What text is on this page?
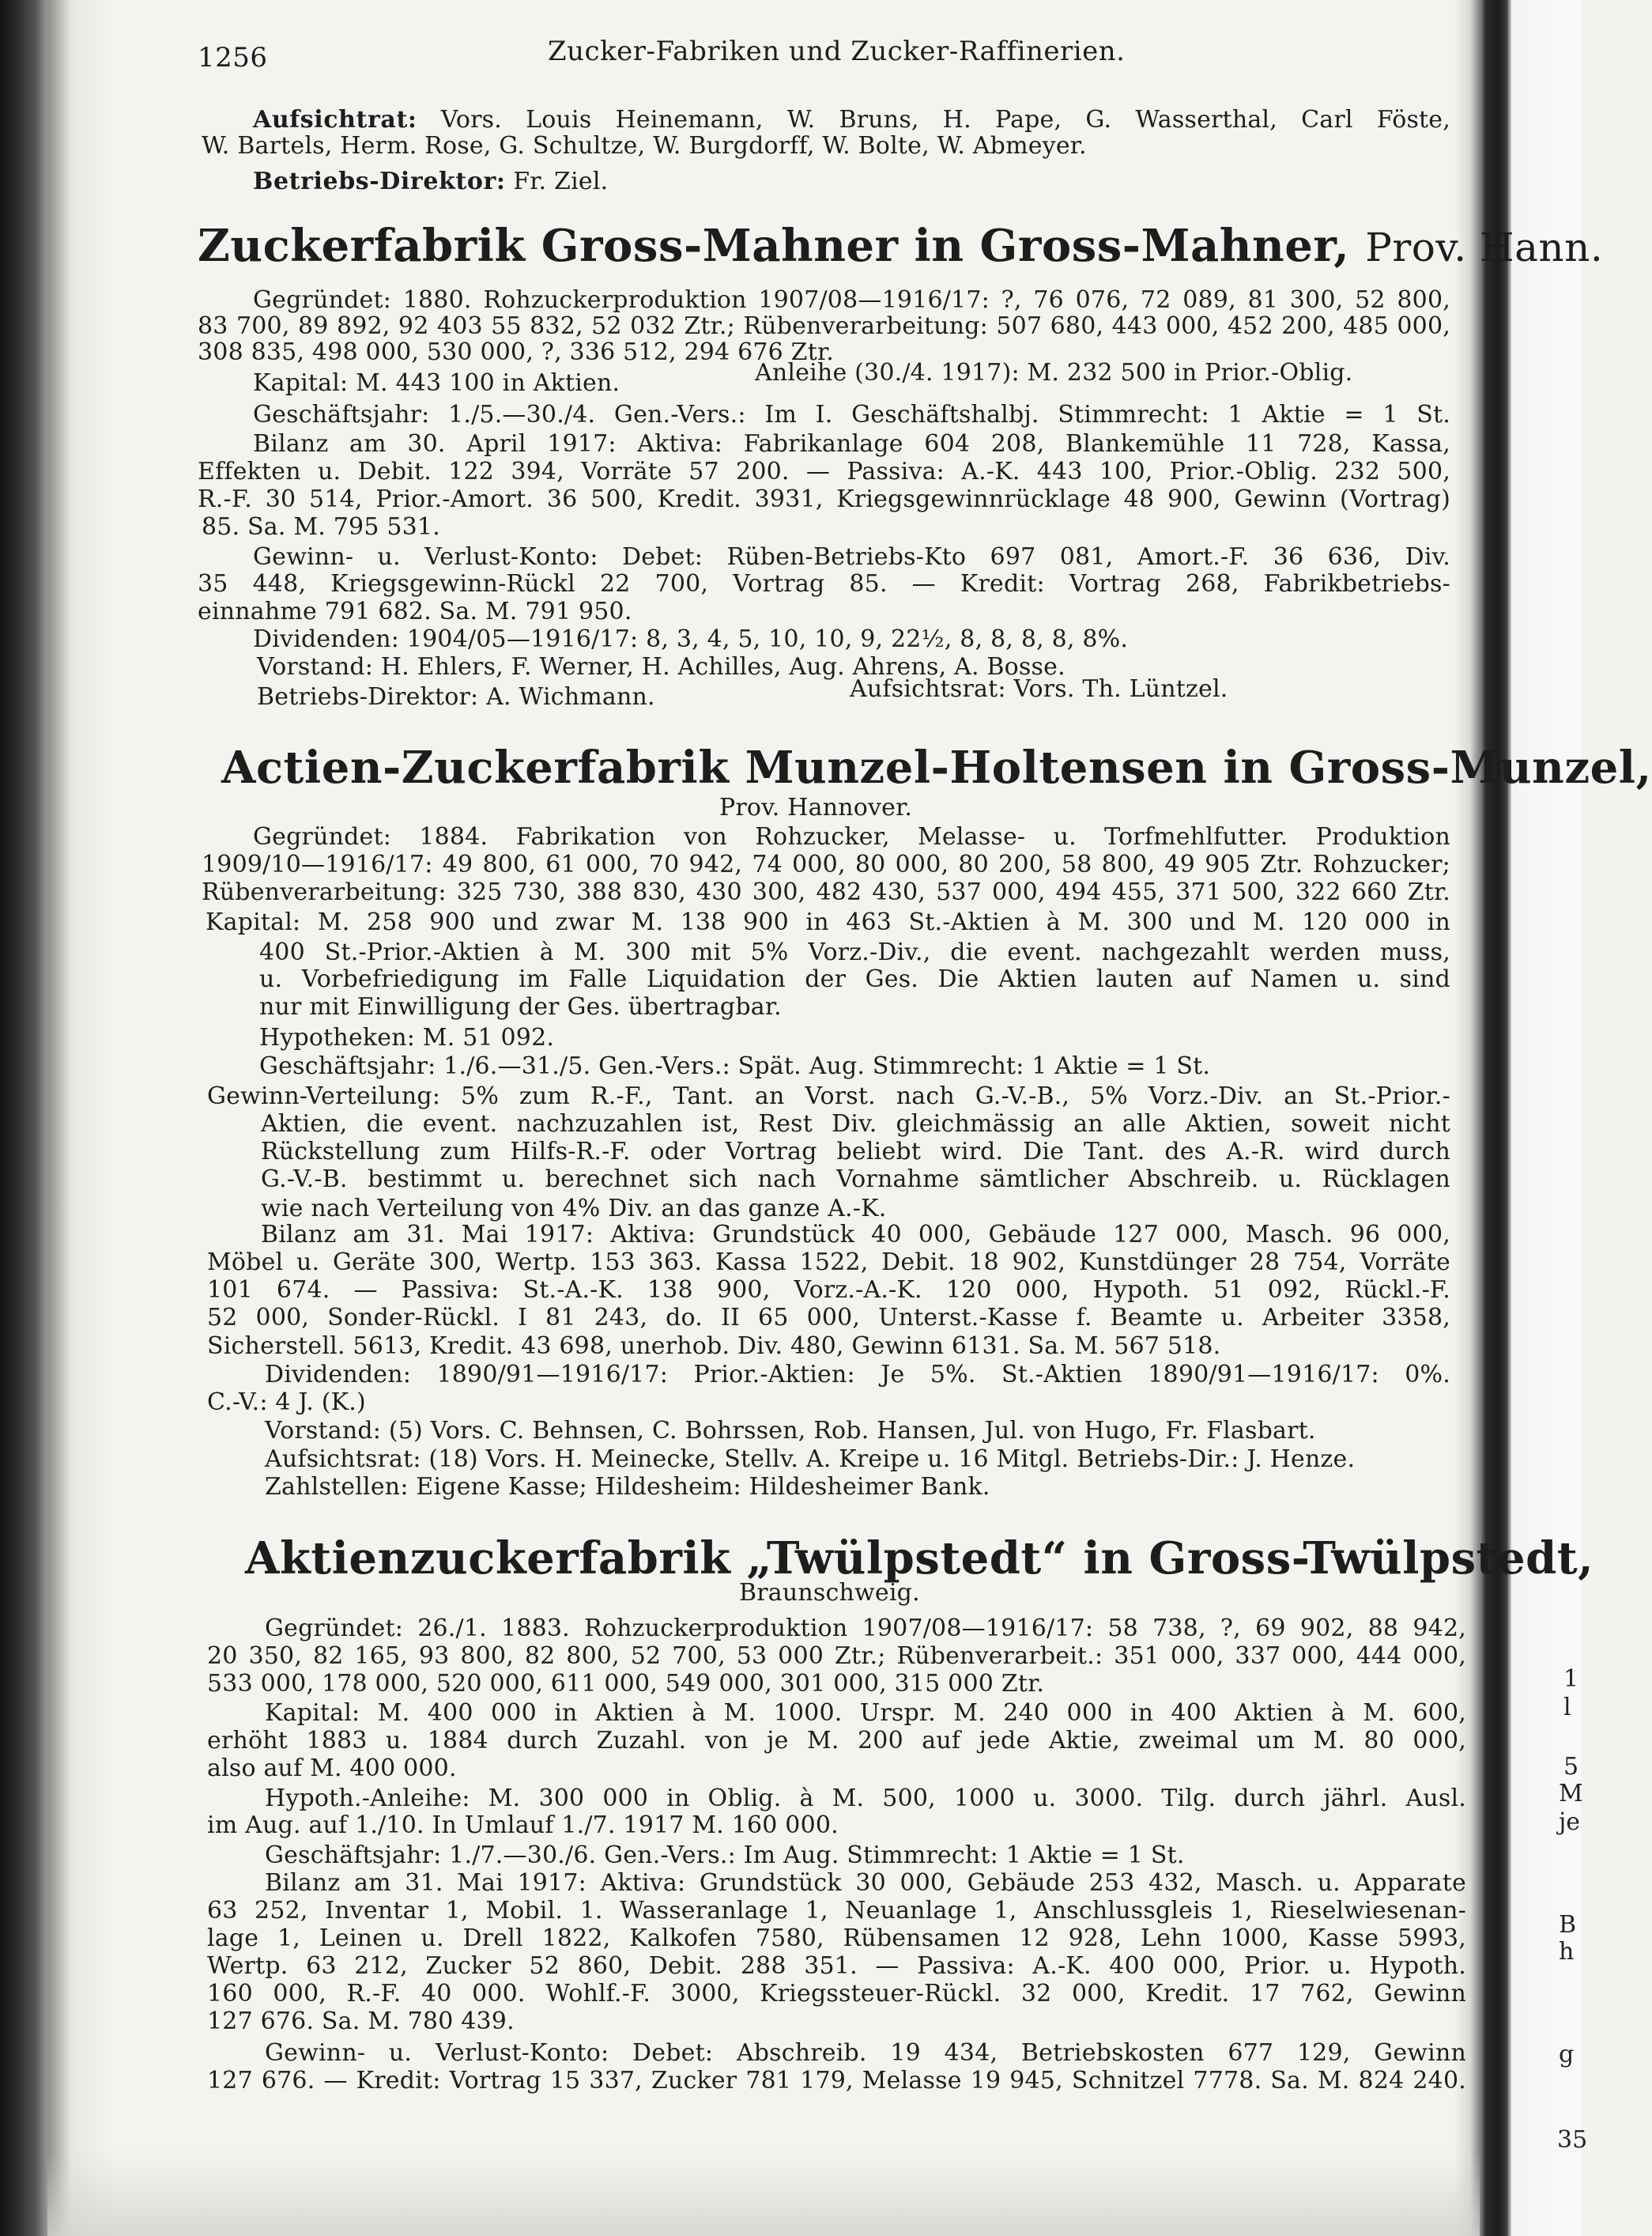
1256	Zucker-Fabriken und Zucker-Raffinerien.
Aufsichtrat: Vors. Louis Heinemann, W. Bruns, H. Pape, G. Wasserthal, Carl Föste,
W. Bartels, Herm. Rose, G. Schultze, W. Burgdorff, W. Bolte, W. Abmeyer.
Betriebs-Direktor: Fr. Ziel.
Zuckerfabrik Gross-Mahner in Gross-Mahner, Prov. Hann.
Gegründet: 1880. Rohzuckerproduktion 1907/08—1916/17: ?, 76 076, 72 089, 81 300, 52 800,
83 700, 89 892, 92 403 55 832, 52 032 Ztr.; Rübenverarbeitung: 507 680, 443 000, 452 200, 485 000,
308 835, 498 000, 530 000, ?, 336 512, 294 676 Ztr.
Kapital: M. 443 100 in Aktien.	Anleihe (30./4. 1917): M. 232 500 in Prior.-Oblig.
Geschäftsjahr: 1./5.—30./4. Gen.-Vers.: Im I. Geschäftshalbj. Stimmrecht: 1 Aktie = 1 St.
Bilanz am 30. April 1917: Aktiva: Fabrikanlage 604 208, Blankemühle 11 728, Kassa,
Effekten u. Debit. 122 394, Vorräte 57 200. — Passiva: A.-K. 443 100, Prior.-Oblig. 232 500,
R.-F. 30 514, Prior.-Amort. 36 500, Kredit. 3931, Kriegsgewinnrücklage 48 900, Gewinn (Vortrag)
85. Sa. M. 795 531.
Gewinn- u. Verlust-Konto: Debet: Rüben-Betriebs-Kto 697 081, Amort.-F. 36 636, Div.
35 448, Kriegsgewinn-Rückl 22 700, Vortrag 85. — Kredit: Vortrag 268, Fabrikbetriebs-
einnahme 791 682. Sa. M. 791 950.
Dividenden: 1904/05—1916/17: 8, 3, 4, 5, 10, 10, 9, 22½, 8, 8, 8, 8, 8%.
Vorstand: H. Ehlers, F. Werner, H. Achilles, Aug. Ahrens, A. Bosse.
Betriebs-Direktor: A. Wichmann.	Aufsichtsrat: Vors. Th. Lüntzel.
Actien-Zuckerfabrik Munzel-Holtensen in Gross-Munzel,
Prov. Hannover.
Gegründet: 1884. Fabrikation von Rohzucker, Melasse- u. Torfmehlfutter. Produktion
1909/10—1916/17: 49 800, 61 000, 70 942, 74 000, 80 000, 80 200, 58 800, 49 905 Ztr. Rohzucker;
Rübenverarbeitung: 325 730, 388 830, 430 300, 482 430, 537 000, 494 455, 371 500, 322 660 Ztr.
Kapital: M. 258 900 und zwar M. 138 900 in 463 St.-Aktien à M. 300 und M. 120 000 in
400 St.-Prior.-Aktien à M. 300 mit 5% Vorz.-Div., die event. nachgezahlt werden muss,
u. Vorbefriedigung im Falle Liquidation der Ges. Die Aktien lauten auf Namen u. sind
nur mit Einwilligung der Ges. übertragbar.
Hypotheken: M. 51 092.
Geschäftsjahr: 1./6.—31./5. Gen.-Vers.: Spät. Aug. Stimmrecht: 1 Aktie = 1 St.
Gewinn-Verteilung: 5% zum R.-F., Tant. an Vorst. nach G.-V.-B., 5% Vorz.-Div. an St.-Prior.-
Aktien, die event. nachzuzahlen ist, Rest Div. gleichmässig an alle Aktien, soweit nicht
Rückstellung zum Hilfs-R.-F. oder Vortrag beliebt wird. Die Tant. des A.-R. wird durch
G.-V.-B. bestimmt u. berechnet sich nach Vornahme sämtlicher Abschreib. u. Rücklagen
wie nach Verteilung von 4% Div. an das ganze A.-K.
Bilanz am 31. Mai 1917: Aktiva: Grundstück 40 000, Gebäude 127 000, Masch. 96 000,
Möbel u. Geräte 300, Wertp. 153 363. Kassa 1522, Debit. 18 902, Kunstdünger 28 754, Vorräte
101 674. — Passiva: St.-A.-K. 138 900, Vorz.-A.-K. 120 000, Hypoth. 51 092, Rückl.-F.
52 000, Sonder-Rückl. I 81 243, do. II 65 000, Unterst.-Kasse f. Beamte u. Arbeiter 3358,
Sicherstell. 5613, Kredit. 43 698, unerhob. Div. 480, Gewinn 6131. Sa. M. 567 518.
Dividenden: 1890/91—1916/17: Prior.-Aktien: Je 5%. St.-Aktien 1890/91—1916/17: 0%.
C.-V.: 4 J. (K.)
Vorstand: (5) Vors. C. Behnsen, C. Bohrssen, Rob. Hansen, Jul. von Hugo, Fr. Flasbart.
Aufsichtsrat: (18) Vors. H. Meinecke, Stellv. A. Kreipe u. 16 Mitgl. Betriebs-Dir.: J. Henze.
Zahlstellen: Eigene Kasse; Hildesheim: Hildesheimer Bank.
Aktienzuckerfabrik „Twülpstedt“ in Gross-Twülpstedt,
Braunschweig.
Gegründet: 26./1. 1883. Rohzuckerproduktion 1907/08—1916/17: 58 738, ?, 69 902, 88 942,
20 350, 82 165, 93 800, 82 800, 52 700, 53 000 Ztr.; Rübenverarbeit.: 351 000, 337 000, 444 000,
533 000, 178 000, 520 000, 611 000, 549 000, 301 000, 315 000 Ztr.
Kapital: M. 400 000 in Aktien à M. 1000. Urspr. M. 240 000 in 400 Aktien à M. 600,
erhöht 1883 u. 1884 durch Zuzahl. von je M. 200 auf jede Aktie, zweimal um M. 80 000,
also auf M. 400 000.
Hypoth.-Anleihe: M. 300 000 in Oblig. à M. 500, 1000 u. 3000. Tilg. durch jährl. Ausl.
im Aug. auf 1./10. In Umlauf 1./7. 1917 M. 160 000.
Geschäftsjahr: 1./7.—30./6. Gen.-Vers.: Im Aug. Stimmrecht: 1 Aktie = 1 St.
Bilanz am 31. Mai 1917: Aktiva: Grundstück 30 000, Gebäude 253 432, Masch. u. Apparate
63 252, Inventar 1, Mobil. 1. Wasseranlage 1, Neuanlage 1, Anschlussgleis 1, Rieselwiesenan-
lage 1, Leinen u. Drell 1822, Kalkofen 7580, Rübensamen 12 928, Lehn 1000, Kasse 5993,
Wertp. 63 212, Zucker 52 860, Debit. 288 351. — Passiva: A.-K. 400 000, Prior. u. Hypoth.
160 000, R.-F. 40 000. Wohlf.-F. 3000, Kriegssteuer-Rückl. 32 000, Kredit. 17 762, Gewinn
127 676. Sa. M. 780 439.
Gewinn- u. Verlust-Konto: Debet: Abschreib. 19 434, Betriebskosten 677 129, Gewinn
127 676. — Kredit: Vortrag 15 337, Zucker 781 179, Melasse 19 945, Schnitzel 7778. Sa. M. 824 240.
1
l
5
M
je
B
h
g
35
